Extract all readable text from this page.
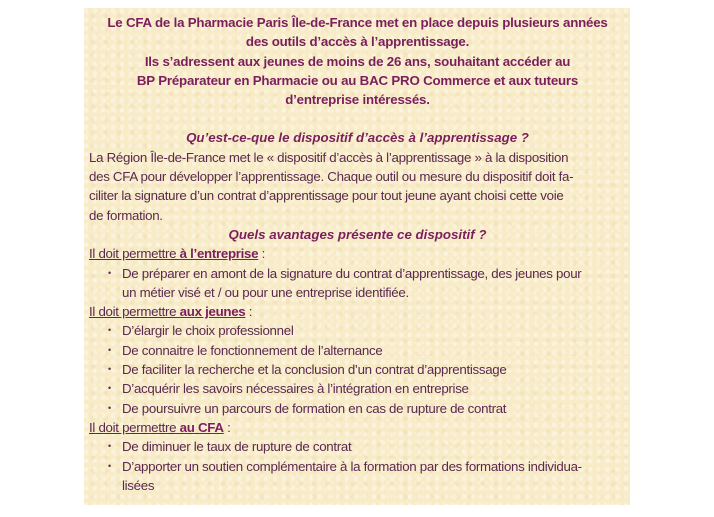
Le CFA de la Pharmacie Paris Île-de-France met en place depuis plusieurs années
des outils d’accès à l’apprentissage.
Ils s’adressent aux jeunes de moins de 26 ans, souhaitant accéder au
BP Préparateur en Pharmacie ou au BAC PRO Commerce et aux tuteurs
d’entreprise intéressés.
Qu’est-ce-que le dispositif d’accès à l’apprentissage ?
La Région Île-de-France met le « dispositif d’accès à l’apprentissage » à la disposition
des CFA pour développer l’apprentissage. Chaque outil ou mesure du dispositif doit fa-
ciliter la signature d’un contrat d’apprentissage pour tout jeune ayant choisi cette voie
de formation.
Quels avantages présente ce dispositif ?
Il doit permettre à l’entreprise :
• De préparer en amont de la signature du contrat d’apprentissage, des jeunes pour
un métier visé et / ou pour une entreprise identifiée.
Il doit permettre aux jeunes :
• D’élargir le choix professionnel
• De connaitre le fonctionnement de l’alternance
• De faciliter la recherche et la conclusion d’un contrat d’apprentissage
• D’acquérir les savoirs nécessaires à l’intégration en entreprise
• De poursuivre un parcours de formation en cas de rupture de contrat
Il doit permettre au CFA :
• De diminuer le taux de rupture de contrat
• D’apporter un soutien complémentaire à la formation par des formations individua-
lisées
